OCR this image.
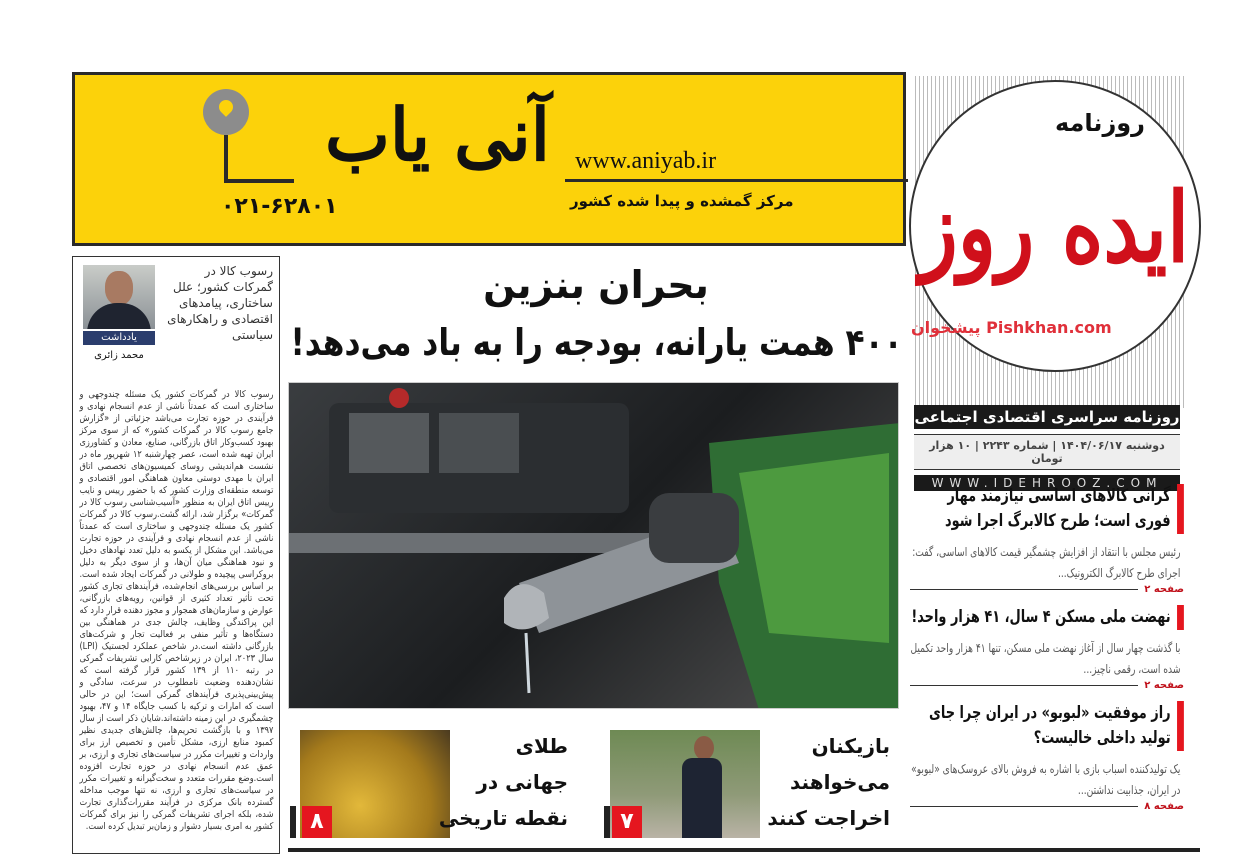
آنی یاب www.aniyab.ir
مرکز گمشده و پیدا شده کشور
۰۲۱-۶۲۸۰۱
روزنامه
ایده روز
پیشخوان Pishkhan.com
روزنامه سراسری اقتصادی اجتماعی
دوشنبه ۱۴۰۴/۰۶/۱۷ | شماره ۲۲۴۳ | ۱۰ هزار تومان
WWW.IDEHROOZ.COM
گرانی کالاهای اساسی نیازمند مهار فوری است؛ طرح کالابرگ اجرا شود
رئیس مجلس با انتقاد از افزایش چشمگیر قیمت کالاهای اساسی، گفت: اجرای طرح کالابرگ الکترونیک...
صفحه ۲
نهضت ملی مسکن ۴ سال، ۴۱ هزار واحد!
با گذشت چهار سال از آغاز نهضت ملی مسکن، تنها ۴۱ هزار واحد تکمیل شده است، رقمی ناچیز...
صفحه ۲
راز موفقیت «لبوبو» در ایران چرا جای تولید داخلی خالیست؟
یک تولیدکننده اسباب بازی با اشاره به فروش بالای عروسک‌های «لبوبو» در ایران، جذابیت نداشتن...
صفحه ۸
رسوب کالا در گمرکات کشور؛ علل ساختاری، پیامدهای اقتصادی و راهکارهای سیاستی
یادداشت
محمد زائری
رسوب کالا در گمرکات کشور یک مسئله چندوجهی و ساختاری است که عمدتاً ناشی از عدم انسجام نهادی و فرآیندی در حوزه تجارت می‌باشد جزئیاتی از «گزارش جامع رسوب کالا در گمرکات کشور» که از سوی مرکز بهبود کسب‌وکار اتاق بازرگانی، صنایع، معادن و کشاورزی ایران تهیه شده است، عصر چهارشنبه ۱۲ شهریور ماه در نشست هم‌اندیشی روسای کمیسیون‌های تخصصی اتاق ایران با مهدی دوستی معاون هماهنگی امور اقتصادی و توسعه منطقه‌ای وزارت کشور که با حضور رییس و نایب رییس اتاق ایران به منظور «آسیب‌شناسی رسوب کالا در گمرکات» برگزار شد، ارائه گشت.رسوب کالا در گمرکات کشور یک مسئله چندوجهی و ساختاری است که عمدتاً ناشی از عدم انسجام نهادی و فرآیندی در حوزه تجارت می‌باشد. این مشکل از یکسو به دلیل تعدد نهادهای دخیل و نبود هماهنگی میان آن‌ها، و از سوی دیگر به دلیل بروکراسی پیچیده و طولانی در گمرکات ایجاد شده است. بر اساس بررسی‌های انجام‌شده، فرآیندهای تجاری کشور تحت تأثیر تعداد کثیری از قوانین، رویه‌های بازرگانی، عوارض و سازمان‌های همجوار و مجوز دهنده قرار دارد که این پراکندگی وظایف، چالش جدی در هماهنگی بین دستگاه‌ها و تأثیر منفی بر فعالیت تجار و شرکت‌های بازرگانی داشته است.در شاخص عملکرد لجستیک (LPI) سال ۲۰۲۳، ایران در زیرشاخص کارایی تشریفات گمرکی در رتبه ۱۱۰ از ۱۳۹ کشور قرار گرفته است که نشان‌دهنده وضعیت نامطلوب در سرعت، سادگی و پیش‌بینی‌پذیری فرآیندهای گمرکی است؛ این در حالی است که امارات و ترکیه با کسب جایگاه ۱۴ و ۴۷، بهبود چشمگیری در این زمینه داشته‌اند.شایان ذکر است از سال ۱۳۹۷ و با بازگشت تحریم‌ها، چالش‌های جدیدی نظیر کمبود منابع ارزی، مشکل تأمین و تخصیص ارز برای واردات و تغییرات مکرر در سیاست‌های تجاری و ارزی، بر عمق عدم انسجام نهادی در حوزه تجارت افزوده است.وضع مقررات متعدد و سخت‌گیرانه و تغییرات مکرر در سیاست‌های تجاری و ارزی، نه تنها موجب مداخله گسترده بانک مرکزی در فرآیند مقررات‌گذاری تجارت شده، بلکه اجرای تشریفات گمرکی را نیز برای گمرکات کشور به امری بسیار دشوار و زمان‌بر تبدیل کرده است.
بحران بنزین
۴۰۰ همت یارانه، بودجه را به باد می‌دهد!
بازیکنان
می‌خواهند
اخراجت کنند
۷
طلای
جهانی در
نقطه تاریخی
۸
